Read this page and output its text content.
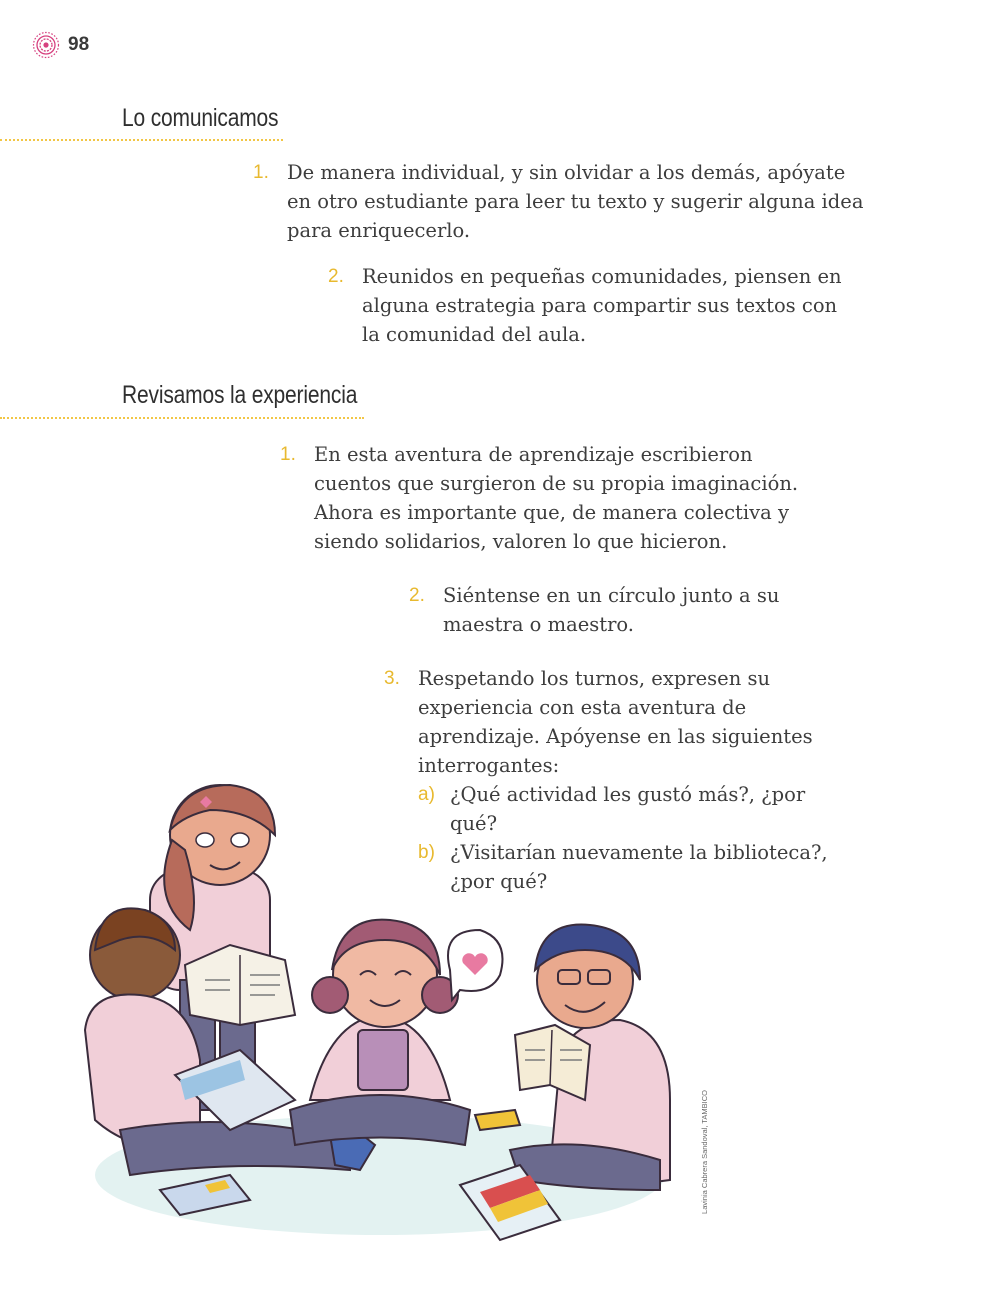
98
Lo comunicamos
1. De manera individual, y sin olvidar a los demás, apóyate en otro estudiante para leer tu texto y sugerir alguna idea para enriquecerlo.
2. Reunidos en pequeñas comunidades, piensen en alguna estrategia para compartir sus textos con la comunidad del aula.
Revisamos la experiencia
1. En esta aventura de aprendizaje escribieron cuentos que surgieron de su propia imaginación. Ahora es importante que, de manera colectiva y siendo solidarios, valoren lo que hicieron.
2. Siéntense en un círculo junto a su maestra o maestro.
3. Respetando los turnos, expresen su experiencia con esta aventura de aprendizaje. Apóyense en las siguientes interrogantes:
a) ¿Qué actividad les gustó más?, ¿por qué?
b) ¿Visitarían nuevamente la biblioteca?, ¿por qué?
Lavinia Cabrera Sandoval, TAMBICO
